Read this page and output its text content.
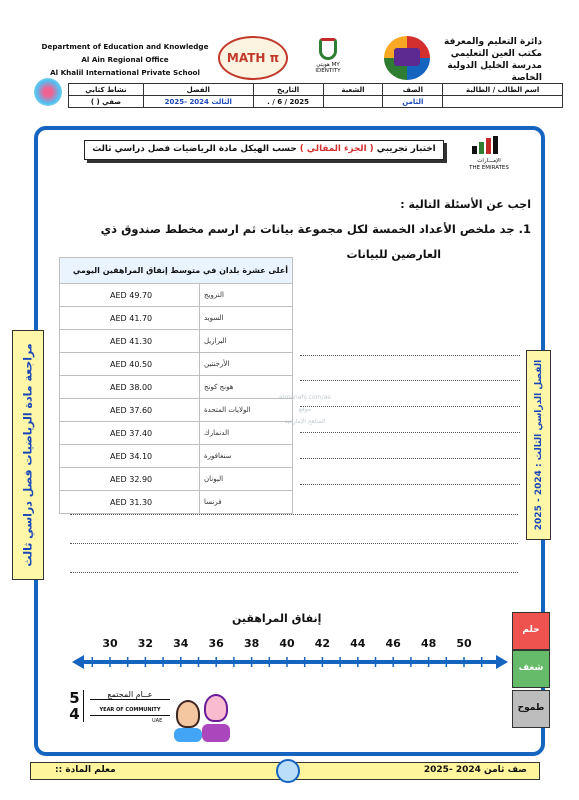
Department of Education and Knowledge
Al Ain Regional Office
Al Khalil International Private School
MATH π	هويتي MY IDENTITY
دائرة التعليم والمعرفة
مكتب العين التعليمي
مدرسة الخليل الدولية الخاصة
اسم الطالب / الطالبة	الصف	الشعبة	التاريخ	الفصل	نشاط كتابي
	الثامن		2025 / 6 / .	الثالث 2024 -2025	صفي ( )
اختبار تجريبي ( الجزء المقالي ) حسب الهيكل مادة الرياضيات فصل دراسي ثالث
الإمـــارات
THE EMIRATES
اجب عن الأسئلة التالية :
1. جد ملخص الأعداد الخمسة لكل مجموعة بيانات ثم ارسم مخطط صندوق ذي
العارضين للبيانات
أعلى عشرة بلدان في متوسط إنفاق المراهقين اليومي	
AED 49.70	النرويج
AED 41.70	السويد
AED 41.30	البرازيل
AED 40.50	الأرجنتين
AED 38.00	هونج كونج
AED 37.60	الولايات المتحدة
AED 37.40	الدنمارك
AED 34.10	سنغافورة
AED 32.90	اليونان
AED 31.30	فرنسا
almanahj.com/ae
موقع
المناهج الإماراتية
مراجعة مادة الرياضيات فصل دراسي ثالث	الفصل الدراسي الثالث : 2024 - 2025
إنفاق المراهقين
30 32 34 36 38 40 42 44 46 48 50
حلم
شغف
طموح
5
4
عــام المجتمع
YEAR OF COMMUNITY
UAE
صف ثامن 2024 -2025
معلم المادة ::
